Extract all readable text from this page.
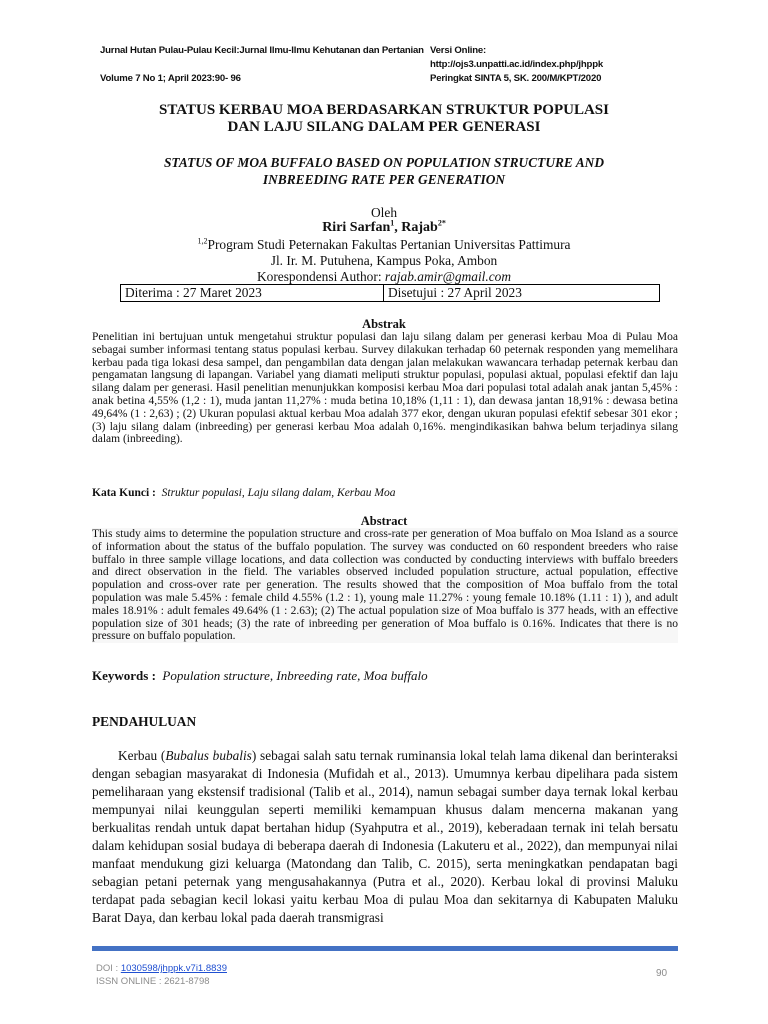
Jurnal Hutan Pulau-Pulau Kecil:Jurnal Ilmu-Ilmu Kehutanan dan Pertanian Versi Online: http://ojs3.unpatti.ac.id/index.php/jhppk
Volume 7 No 1; April 2023:90- 96	Peringkat SINTA 5, SK. 200/M/KPT/2020
STATUS KERBAU MOA BERDASARKAN STRUKTUR POPULASI
DAN LAJU SILANG DALAM PER GENERASI
STATUS OF MOA BUFFALO BASED ON POPULATION STRUCTURE AND
INBREEDING RATE PER GENERATION
Oleh
Riri Sarfan$^1$, Rajab$^{2*}$
$^{1,2}$Program Studi Peternakan Fakultas Pertanian Universitas Pattimura
Jl. Ir. M. Putuhena, Kampus Poka, Ambon
Korespondensi Author: rajab.amir@gmail.com
Diterima : 27 Maret 2023	Disetujui : 27 April 2023
Abstrak
Penelitian ini bertujuan untuk mengetahui struktur populasi dan laju silang dalam per generasi kerbau Moa di Pulau Moa sebagai sumber informasi tentang status populasi kerbau. Survey dilakukan terhadap 60 peternak responden yang memelihara kerbau pada tiga lokasi desa sampel, dan pengambilan data dengan jalan melakukan wawancara terhadap peternak kerbau dan pengamatan langsung di lapangan. Variabel yang diamati meliputi struktur populasi, populasi aktual, populasi efektif dan laju silang dalam per generasi. Hasil penelitian menunjukkan komposisi kerbau Moa dari populasi total adalah anak jantan 5,45% : anak betina 4,55% (1,2 : 1), muda jantan 11,27% : muda betina 10,18% (1,11 : 1), dan dewasa jantan 18,91% : dewasa betina 49,64% (1 : 2,63) ; (2) Ukuran populasi aktual kerbau Moa adalah 377 ekor, dengan ukuran populasi efektif sebesar 301 ekor ; (3) laju silang dalam (inbreeding) per generasi kerbau Moa adalah 0,16%. mengindikasikan bahwa belum terjadinya silang dalam (inbreeding).
Kata Kunci : Struktur populasi, Laju silang dalam, Kerbau Moa
Abstract
This study aims to determine the population structure and cross-rate per generation of Moa buffalo on Moa Island as a source of information about the status of the buffalo population. The survey was conducted on 60 respondent breeders who raise buffalo in three sample village locations, and data collection was conducted by conducting interviews with buffalo breeders and direct observation in the field. The variables observed included population structure, actual population, effective population and cross-over rate per generation. The results showed that the composition of Moa buffalo from the total population was male 5.45% : female child 4.55% (1.2 : 1), young male 11.27% : young female 10.18% (1.11 : 1) ), and adult males 18.91% : adult females 49.64% (1 : 2.63); (2) The actual population size of Moa buffalo is 377 heads, with an effective population size of 301 heads; (3) the rate of inbreeding per generation of Moa buffalo is 0.16%. Indicates that there is no pressure on buffalo population.
Keywords : Population structure, Inbreeding rate, Moa buffalo
PENDAHULUAN

Kerbau (Bubalus bubalis) sebagai salah satu ternak ruminansia lokal telah lama dikenal dan berinteraksi dengan sebagian masyarakat di Indonesia (Mufidah et al., 2013). Umumnya kerbau dipelihara pada sistem pemeliharaan yang ekstensif tradisional (Talib et al., 2014), namun sebagai sumber daya ternak lokal kerbau mempunyai nilai keunggulan seperti memiliki kemampuan khusus dalam mencerna makanan yang berkualitas rendah untuk dapat bertahan hidup (Syahputra et al., 2019), keberadaan ternak ini telah bersatu dalam kehidupan sosial budaya di beberapa daerah di Indonesia (Lakuteru et al., 2022), dan mempunyai nilai manfaat mendukung gizi keluarga (Matondang dan Talib, C. 2015), serta meningkatkan pendapatan bagi sebagian petani peternak yang mengusahakannya (Putra et al., 2020). Kerbau lokal di provinsi Maluku terdapat pada sebagian kecil lokasi yaitu kerbau Moa di pulau Moa dan sekitarnya di Kabupaten Maluku Barat Daya, dan kerbau lokal pada daerah transmigrasi

DOI : 1030598/jhppk.v7i1.8839
ISSN ONLINE : 2621-8798
90
